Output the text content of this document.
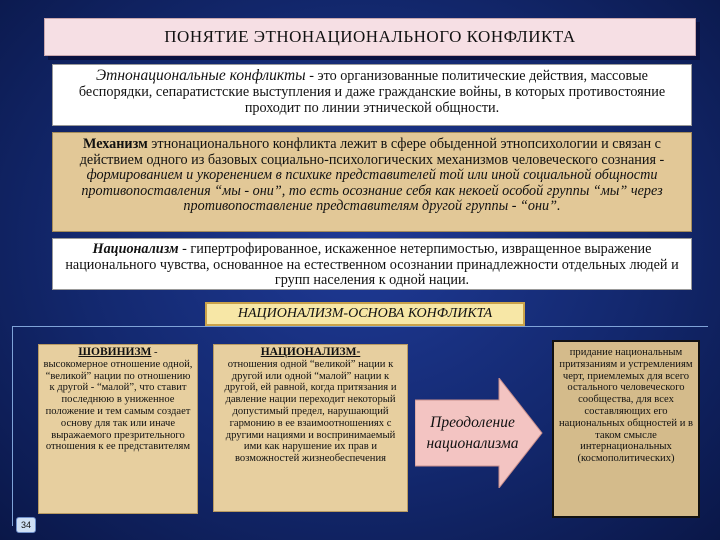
ПОНЯТИЕ ЭТНОНАЦИОНАЛЬНОГО КОНФЛИКТА
Этнонациональные конфликты - это организованные политические действия, массовые беспорядки, сепаратистские выступления и даже гражданские войны, в которых противостояние проходит по линии этнической общности.
Механизм этнонационального конфликта лежит в сфере обыденной этнопсихологии и связан с действием одного из базовых социально-психологических механизмов человеческого сознания - формированием и укоренением в психике представителей той или иной социальной общности противопоставления “мы - они”, то есть осознание себя как некоей особой группы “мы” через противопоставление представителям другой группы - “они”.
Национализм - гипертрофированное, искаженное нетерпимостью, извращенное выражение национального чувства, основанное на естественном осознании принадлежности отдельных людей и групп населения к одной нации.
НАЦИОНАЛИЗМ-ОСНОВА КОНФЛИКТА
ШОВИНИЗМ -
высокомерное отношение одной, “великой” нации по отношению к другой - “малой”, что ставит последнюю в униженное положение и тем самым создает основу для так или иначе выражаемого презрительного отношения к ее представителям
НАЦИОНАЛИЗМ-
отношения одной “великой” нации к другой или одной “малой” нации к другой, ей равной, когда притязания и давление нации переходит некоторый допустимый предел, нарушающий гармонию в ее взаимоотношениях с другими нациями и воспринимаемый ими как нарушение их прав и возможностей жизнеобеспечения
Преодоление национализма
придание национальным притязаниям и устремлениям черт, приемлемых для всего остального человеческого сообщества, для всех составляющих его национальных общностей и в таком смысле интернациональных (космополитических)
34
